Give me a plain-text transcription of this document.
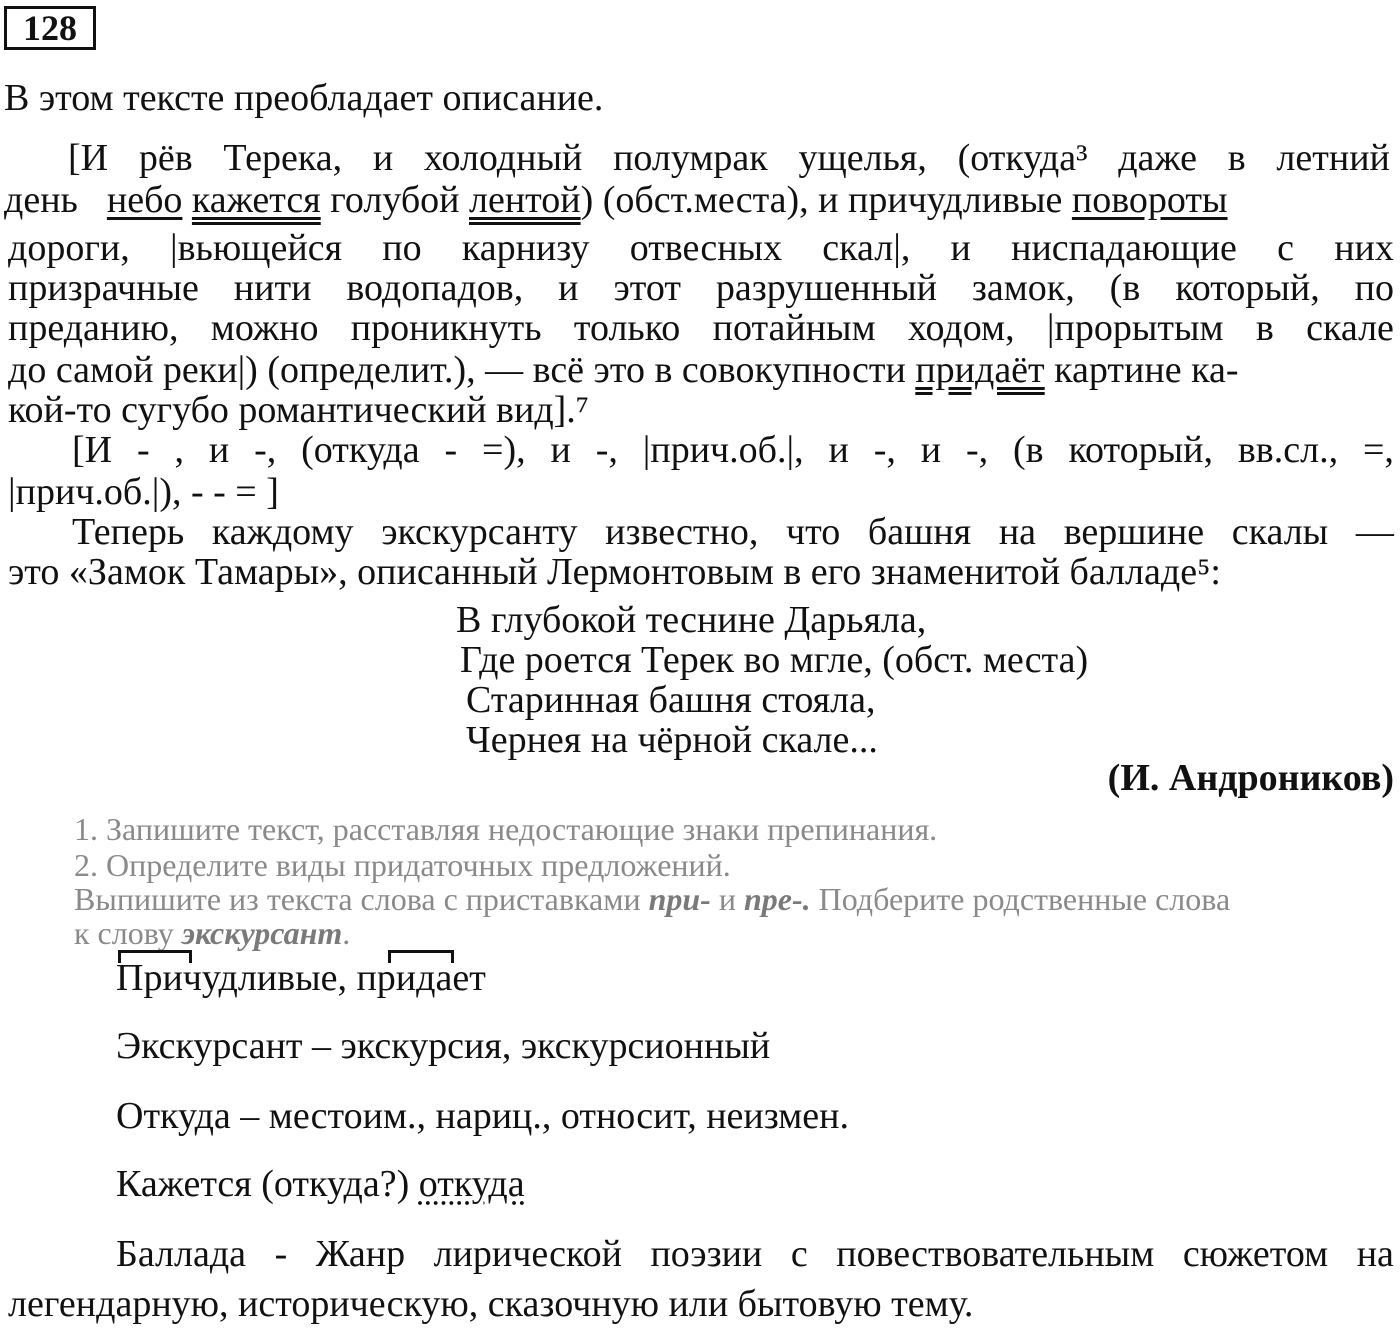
128
В этом тексте преобладает описание.
[И рёв Терека, и холодный полумрак ущелья, (откуда³ даже в летний
день небо кажется голубой лентой) (обст.места), и причудливые повороты
дороги, |вьющейся по карнизу отвесных скал|, и ниспадающие с них
призрачные нити водопадов, и этот разрушенный замок, (в который, по
преданию, можно проникнуть только потайным ходом, |прорытым в скале
до самой реки|) (определит.), — всё это в совокупности придаёт картине ка-
кой-то сугубо романтический вид].⁷
[И - , и -, (откуда - =), и -, |прич.об.|, и -, и -, (в который, вв.сл., =,
|прич.об.|), - - = ]
Теперь каждому экскурсанту известно, что башня на вершине скалы —
это «Замок Тамары», описанный Лермонтовым в его знаменитой балладе⁵:
В глубокой теснине Дарьяла,
Где роется Терек во мгле, (обст. места)
Старинная башня стояла,
Чернея на чёрной скале...
(И. Андроников)
1. Запишите текст, расставляя недостающие знаки препинания.
2. Определите виды придаточных предложений.
Выпишите из текста слова с приставками при- и пре-. Подберите родственные слова
к слову экскурсант.
Причудливые, придает
Экскурсант – экскурсия, экскурсионный
Откуда – местоим., нариц., относит, неизмен.
Кажется (откуда?) откуда
Баллада - Жанр лирической поэзии с повествовательным сюжетом на
легендарную, историческую, сказочную или бытовую тему.
